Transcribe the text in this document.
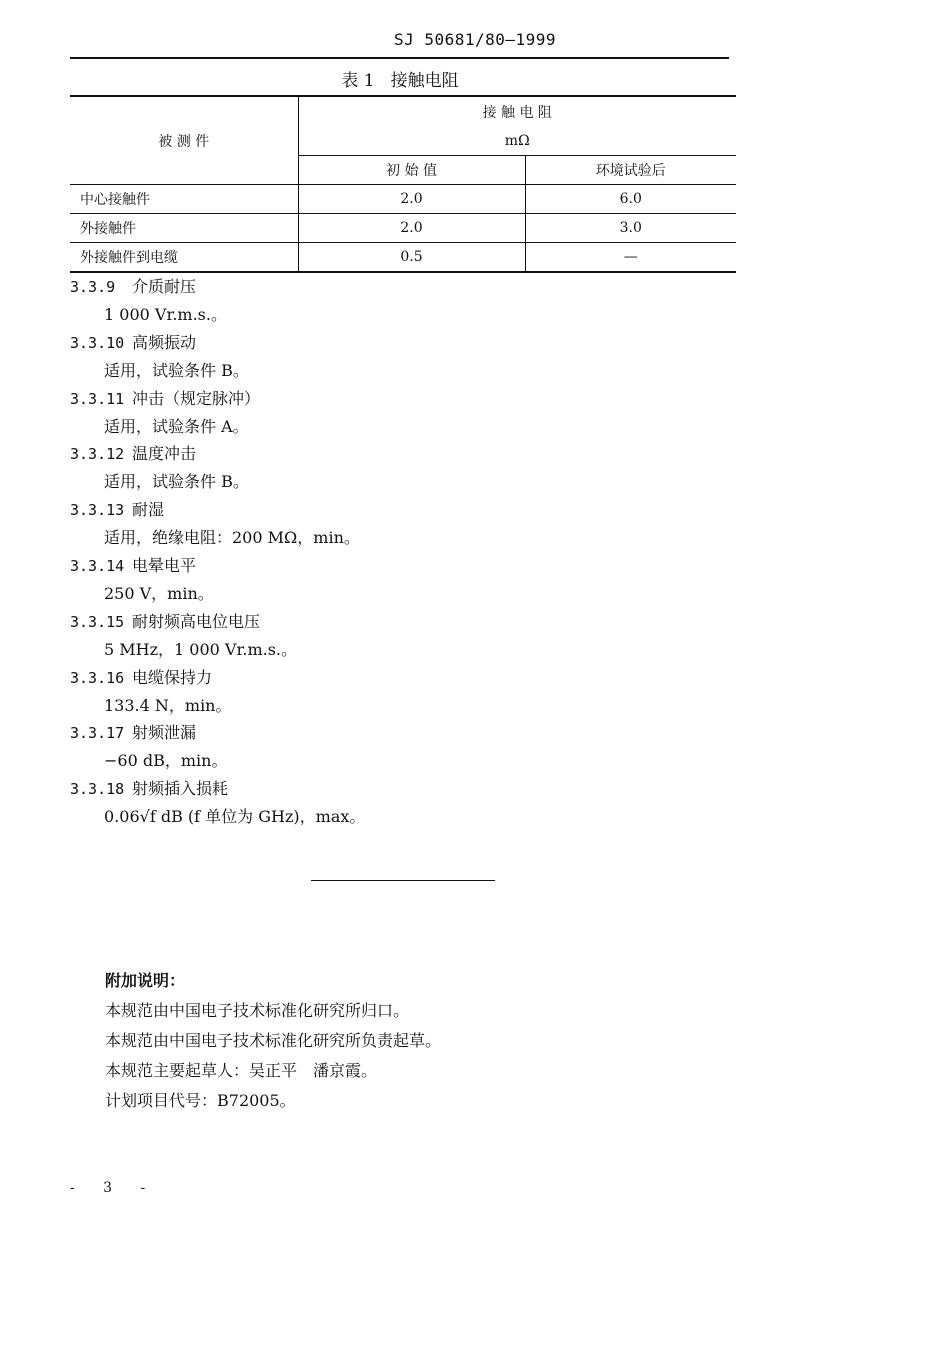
SJ 50681/80—1999
表 1 接触电阻
被 测 件	接 触 电 阻	
	mΩ	
	初 始 值	环境试验后
中心接触件	2.0	6.0
外接触件	2.0	3.0
外接触件到电缆	0.5	—
3.3.9 介质耐压
1 000 Vr.m.s.。
3.3.10 高频振动
适用，试验条件 B。
3.3.11 冲击（规定脉冲）
适用，试验条件 A。
3.3.12 温度冲击
适用，试验条件 B。
3.3.13 耐湿
适用，绝缘电阻：200 MΩ，min。
3.3.14 电晕电平
250 V，min。
3.3.15 耐射频高电位电压
5 MHz，1 000 Vr.m.s.。
3.3.16 电缆保持力
133.4 N，min。
3.3.17 射频泄漏
−60 dB，min。
3.3.18 射频插入损耗
0.06√f dB (f 单位为 GHz)，max。
附加说明：
本规范由中国电子技术标准化研究所归口。
本规范由中国电子技术标准化研究所负责起草。
本规范主要起草人：吴正平　潘京霞。
计划项目代号：B72005。
- 3 -
